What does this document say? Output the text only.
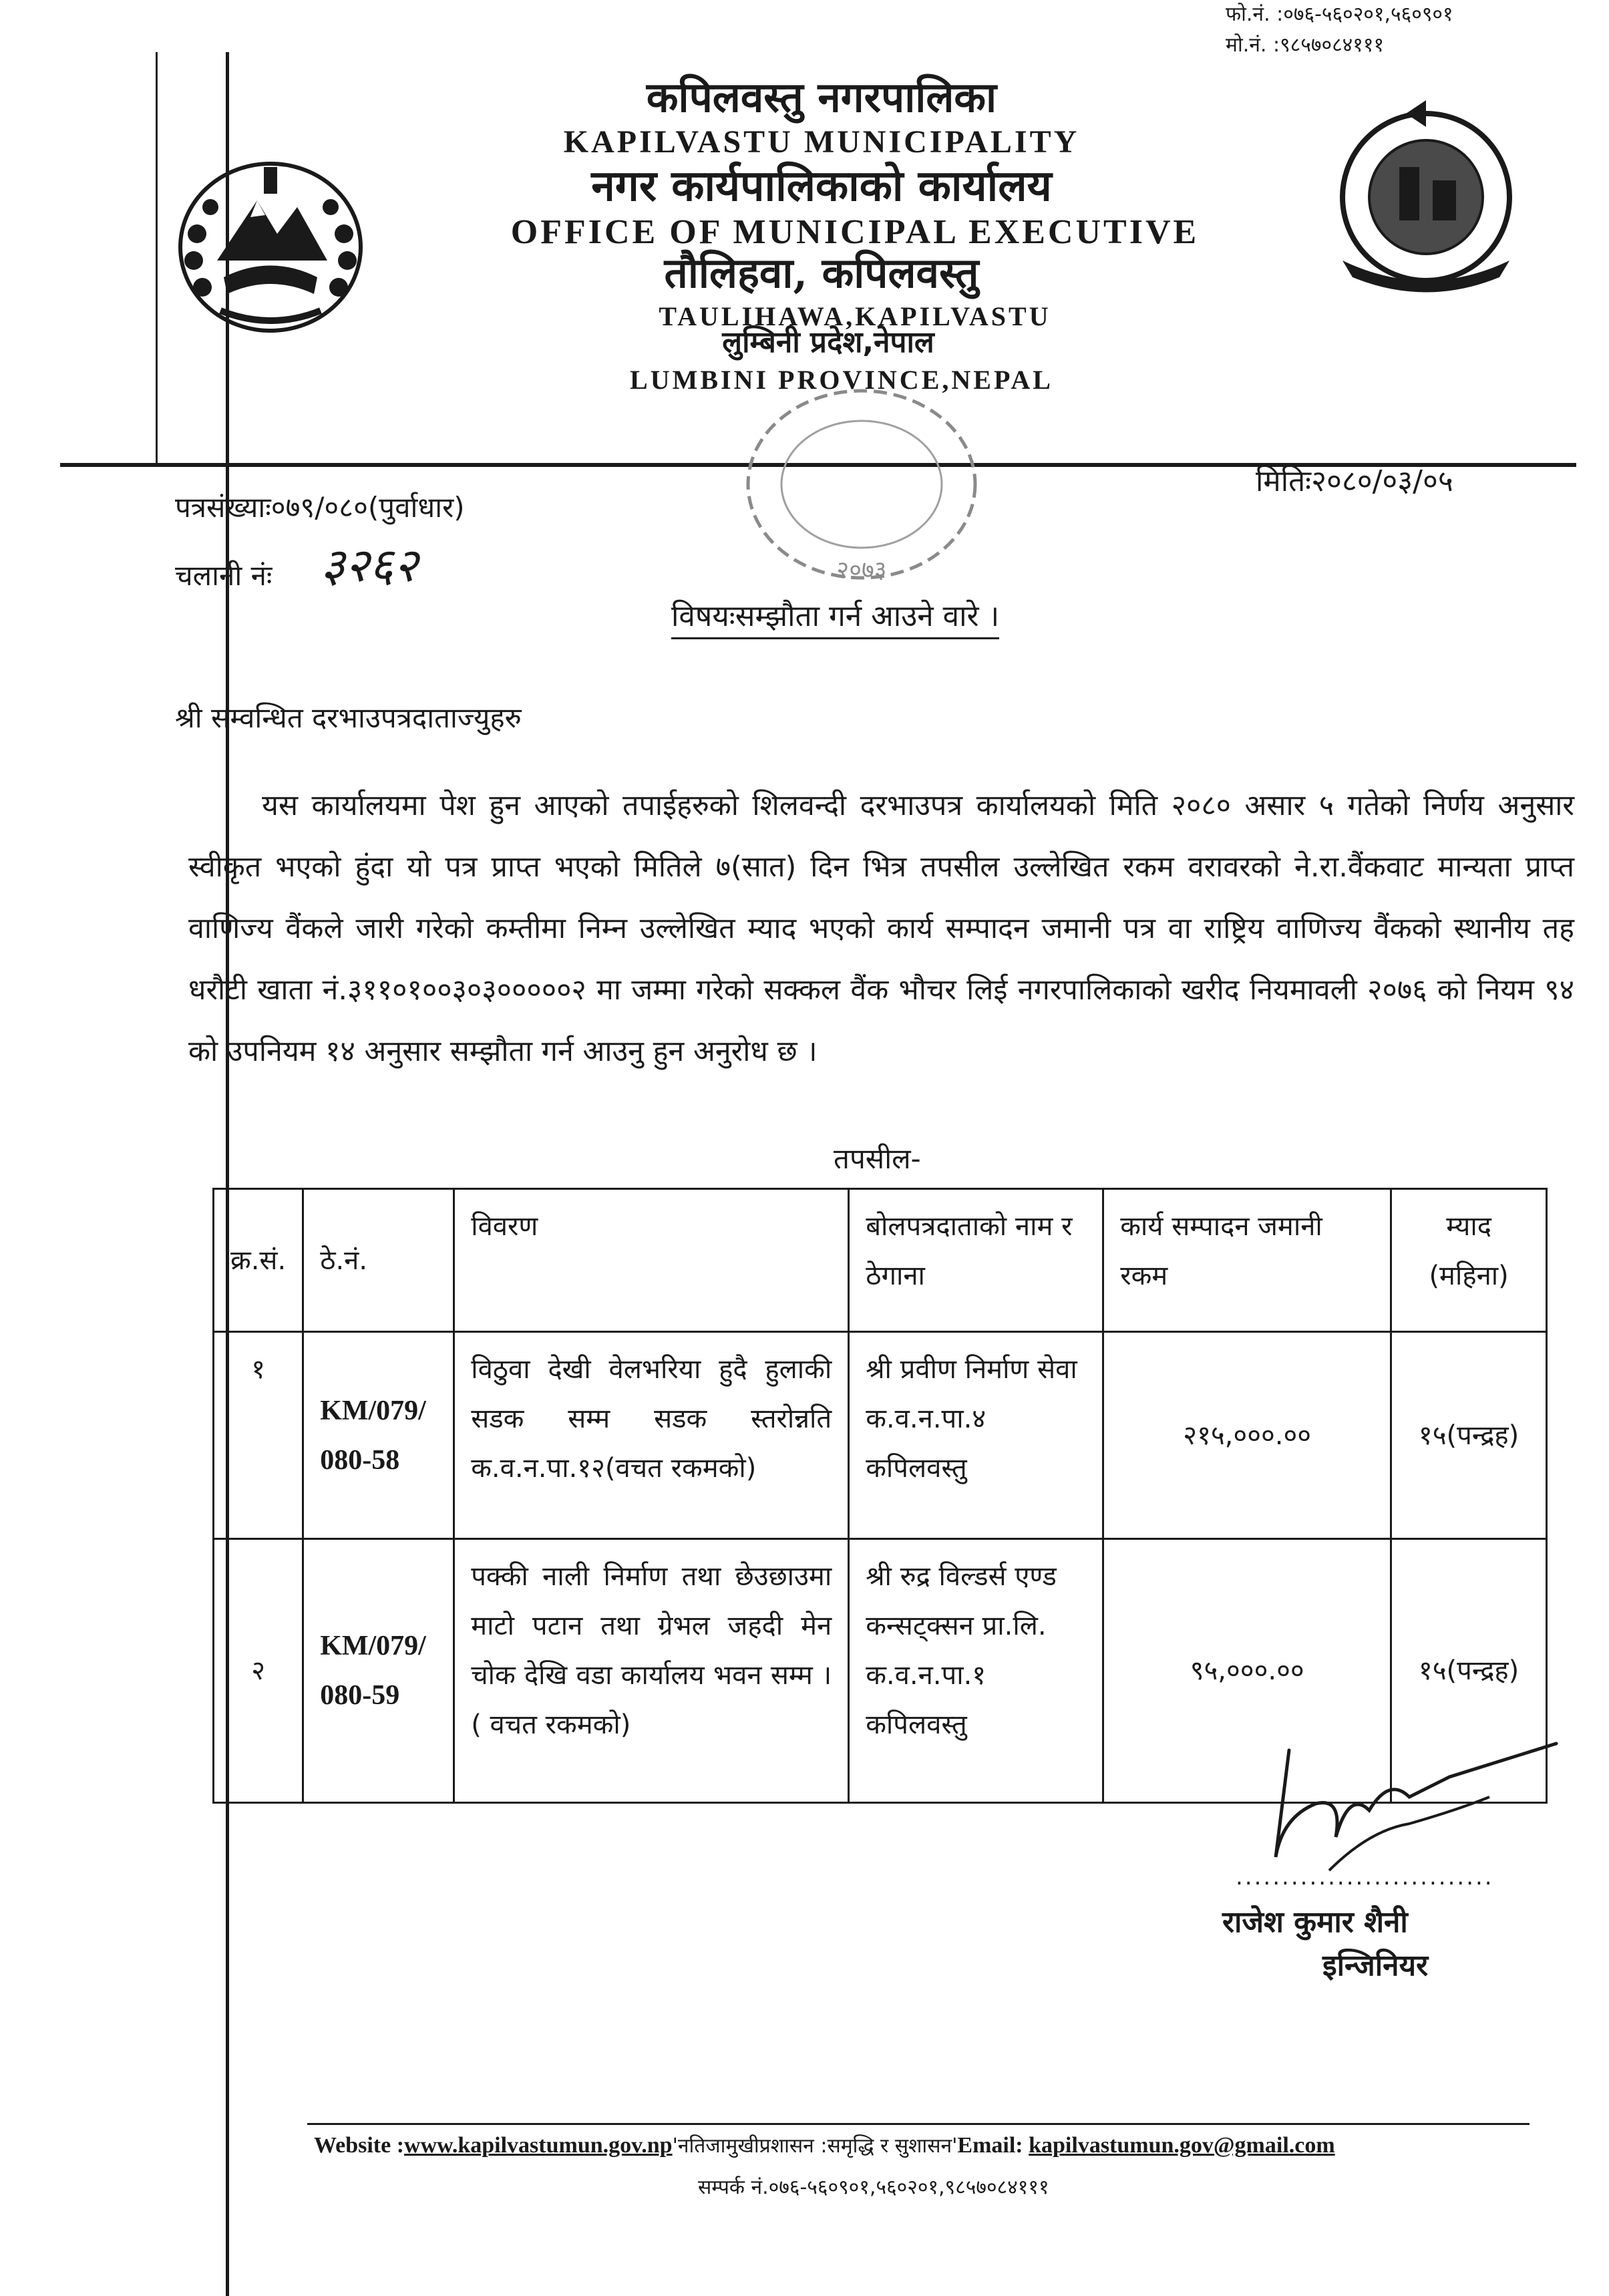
फो.नं. :०७६-५६०२०१,५६०९०१
मो.नं. :९८५७०८४१११
कपिलवस्तु नगरपालिका
KAPILVASTU MUNICIPALITY
नगर कार्यपालिकाको कार्यालय
OFFICE OF MUNICIPAL EXECUTIVE
तौलिहवा, कपिलवस्तु
TAULIHAWA,KAPILVASTU
लुम्बिनी प्रदेश,नेपाल
LUMBINI PROVINCE,NEPAL
२०७३
पत्रसंख्याः०७९/०८०(पुर्वाधार)
मितिः२०८०/०३/०५
चलानी नंः ३२६२
विषयःसम्झौता गर्न आउने वारे ।
श्री सम्वन्धित दरभाउपत्रदाताज्युहरु
यस कार्यालयमा पेश हुन आएको तपाईहरुको शिलवन्दी दरभाउपत्र कार्यालयको मिति २०८० असार ५ गतेको निर्णय अनुसार स्वीकृत भएको हुंदा यो पत्र प्राप्त भएको मितिले ७(सात) दिन भित्र तपसील उल्लेखित रकम वरावरको ने.रा.वैंकवाट मान्यता प्राप्त वाणिज्य वैंकले जारी गरेको कम्तीमा निम्न उल्लेखित म्याद भएको कार्य सम्पादन जमानी पत्र वा राष्ट्रिय वाणिज्य वैंकको स्थानीय तह धरौटी खाता नं.३११०१००३०३०००००२ मा जम्मा गरेको सक्कल वैंक भौचर लिई नगरपालिकाको खरीद नियमावली २०७६ को नियम ९४ को उपनियम १४ अनुसार सम्झौता गर्न आउनु हुन अनुरोध छ ।
तपसील-
क्र.सं.	ठे.नं.	विवरण	बोलपत्रदाताको नाम र ठेगाना	कार्य सम्पादन जमानी रकम	म्याद (महिना)
१	KM/079/080-58	विठुवा देखी वेलभरिया हुदै हुलाकी सडक सम्म सडक स्तरोन्नति क.व.न.पा.१२(वचत रकमको)	श्री प्रवीण निर्माण सेवा क.व.न.पा.४ कपिलवस्तु	२१५,०००.००	१५(पन्द्रह)
२	KM/079/080-59	पक्की नाली निर्माण तथा छेउछाउमा माटो पटान तथा ग्रेभल जहदी मेन चोक देखि वडा कार्यालय भवन सम्म ।( वचत रकमको)	श्री रुद्र विल्डर्स एण्ड कन्सट्क्सन प्रा.लि. क.व.न.पा.१ कपिलवस्तु	९५,०००.००	१५(पन्द्रह)
............................
राजेश कुमार शैनी
इन्जिनियर
Website :www.kapilvastumun.gov.np'नतिजामुखीप्रशासन :समृद्धि र सुशासन'Email: kapilvastumun.gov@gmail.com
सम्पर्क नं.०७६-५६०९०१,५६०२०१,९८५७०८४१११
